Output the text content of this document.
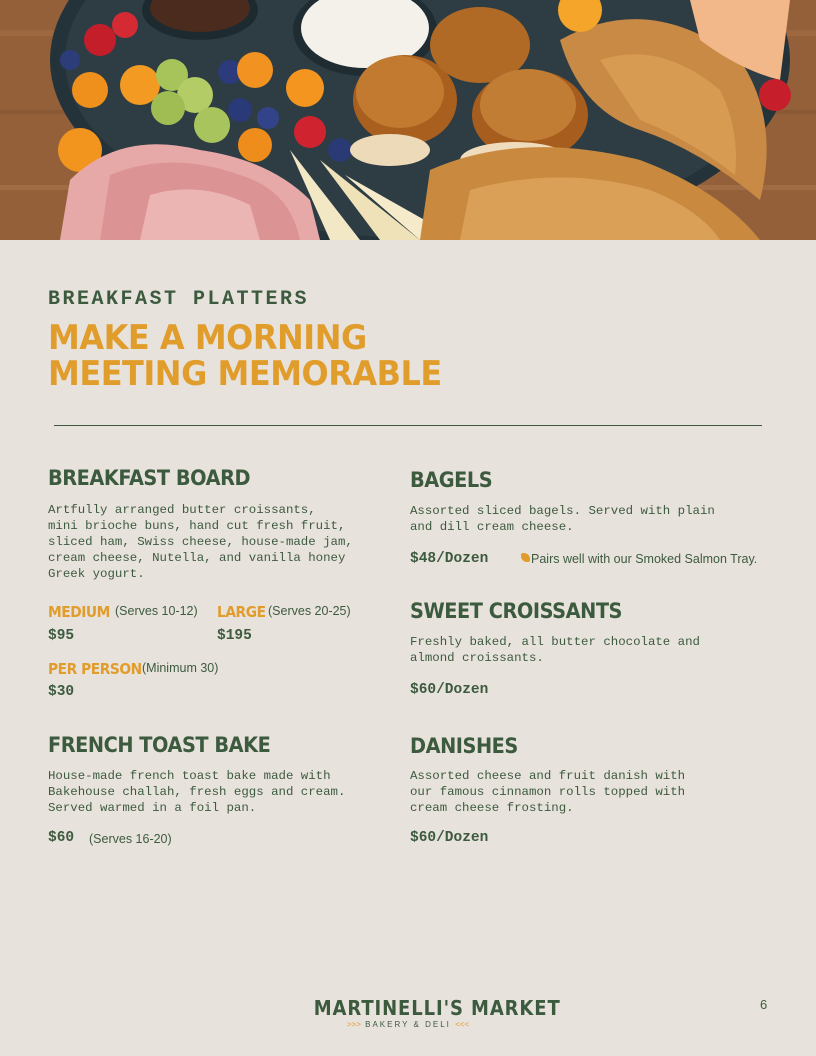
BREAKFAST PLATTERS
MAKE A MORNING MEETING MEMORABLE
BREAKFAST BOARD
Artfully arranged butter croissants,
mini brioche buns, hand cut fresh fruit,
sliced ham, Swiss cheese, house-made jam,
cream cheese, Nutella, and vanilla honey
Greek yogurt.
MEDIUM (Serves 10-12)
$95
LARGE (Serves 20-25)
$195
PER PERSON (Minimum 30)
$30
FRENCH TOAST BAKE
House-made french toast bake made with
Bakehouse challah, fresh eggs and cream.
Served warmed in a foil pan.
$60 (Serves 16-20)
BAGELS
Assorted sliced bagels. Served with plain
and dill cream cheese.
$48/Dozen	Pairs well with our Smoked Salmon Tray.
SWEET CROISSANTS
Freshly baked, all butter chocolate and
almond croissants.
$60/Dozen
DANISHES
Assorted cheese and fruit danish with
our famous cinnamon rolls topped with
cream cheese frosting.
$60/Dozen
MARTINELLI'S MARKET
>>> BAKERY & DELI <<<
6
